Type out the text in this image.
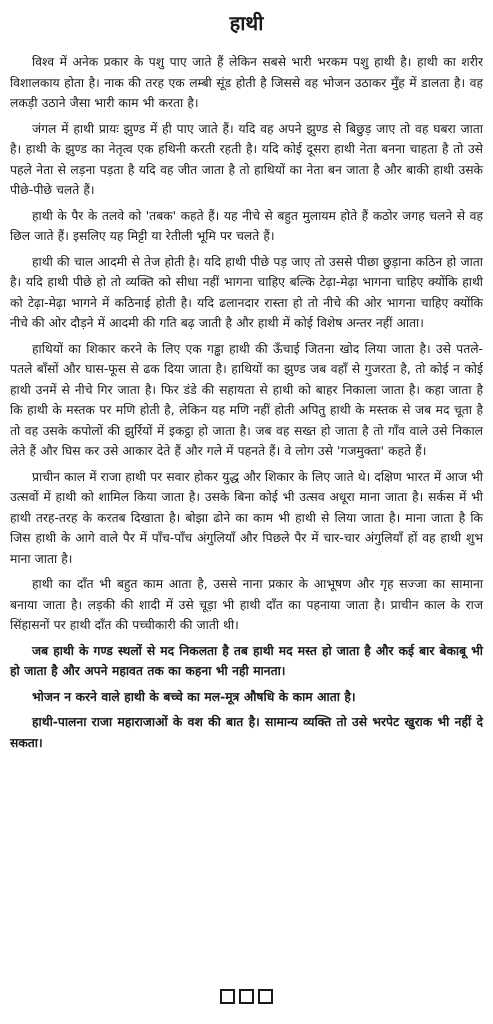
हाथी

विश्व में अनेक प्रकार के पशु पाए जाते हैं लेकिन सबसे भारी भरकम पशु हाथी है। हाथी का शरीर विशालकाय होता है। नाक की तरह एक लम्बी सूंड होती है जिससे वह भोजन उठाकर मुँह में डालता है। वह लकड़ी उठाने जैसा भारी काम भी करता है।

जंगल में हाथी प्रायः झुण्ड में ही पाए जाते हैं। यदि वह अपने झुण्ड से बिछुड़ जाए तो वह घबरा जाता है। हाथी के झुण्ड का नेतृत्व एक हथिनी करती रहती है। यदि कोई दूसरा हाथी नेता बनना चाहता है तो उसे पहले नेता से लड़ना पड़ता है यदि वह जीत जाता है तो हाथियों का नेता बन जाता है और बाकी हाथी उसके पीछे-पीछे चलते हैं।

हाथी के पैर के तलवे को 'तबक' कहते हैं। यह नीचे से बहुत मुलायम होते हैं कठोर जगह चलने से वह छिल जाते हैं। इसलिए यह मिट्टी या रेतीली भूमि पर चलते हैं।

हाथी की चाल आदमी से तेज होती है। यदि हाथी पीछे पड़ जाए तो उससे पीछा छुड़ाना कठिन हो जाता है। यदि हाथी पीछे हो तो व्यक्ति को सीधा नहीं भागना चाहिए बल्कि टेढ़ा-मेढ़ा भागना चाहिए क्योंकि हाथी को टेढ़ा-मेढ़ा भागने में कठिनाई होती है। यदि ढलानदार रास्ता हो तो नीचे की ओर भागना चाहिए क्योंकि नीचे की ओर दौड़ने में आदमी की गति बढ़ जाती है और हाथी में कोई विशेष अन्तर नहीं आता।

हाथियों का शिकार करने के लिए एक गड्ढा हाथी की ऊँचाई जितना खोद लिया जाता है। उसे पतले-पतले बाँसों और घास-फूस से ढक दिया जाता है। हाथियों का झुण्ड जब वहाँ से गुजरता है, तो कोई न कोई हाथी उनमें से नीचे गिर जाता है। फिर डंडे की सहायता से हाथी को बाहर निकाला जाता है। कहा जाता है कि हाथी के मस्तक पर मणि होती है, लेकिन यह मणि नहीं होती अपितु हाथी के मस्तक से जब मद चूता है तो वह उसके कपोलों की झुर्रियों में इकट्ठा हो जाता है। जब वह सख्त हो जाता है तो गाँव वाले उसे निकाल लेते हैं और घिस कर उसे आकार देते हैं और गले में पहनते हैं। वे लोग उसे 'गजमुक्ता' कहते हैं।

प्राचीन काल में राजा हाथी पर सवार होकर युद्ध और शिकार के लिए जाते थे। दक्षिण भारत में आज भी उत्सवों में हाथी को शामिल किया जाता है। उसके बिना कोई भी उत्सव अधूरा माना जाता है। सर्कस में भी हाथी तरह-तरह के करतब दिखाता है। बोझा ढोने का काम भी हाथी से लिया जाता है। माना जाता है कि जिस हाथी के आगे वाले पैर में पाँच-पाँच अंगुलियाँ और पिछले पैर में चार-चार अंगुलियाँ हों वह हाथी शुभ माना जाता है।

हाथी का दाँत भी बहुत काम आता है, उससे नाना प्रकार के आभूषण और गृह सज्जा का सामाना बनाया जाता है। लड़की की शादी में उसे चूड़ा भी हाथी दाँत का पहनाया जाता है। प्राचीन काल के राज सिंहासनों पर हाथी दाँत की पच्चीकारी की जाती थी।

जब हाथी के गण्ड स्थलों से मद निकलता है तब हाथी मद मस्त हो जाता है और कई बार बेकाबू भी हो जाता है और अपने महावत तक का कहना भी नही मानता।

भोजन न करने वाले हाथी के बच्चे का मल-मूत्र औषधि के काम आता है।

हाथी-पालना राजा महाराजाओं के वश की बात है। सामान्य व्यक्ति तो उसे भरपेट खुराक भी नहीं दे सकता।
